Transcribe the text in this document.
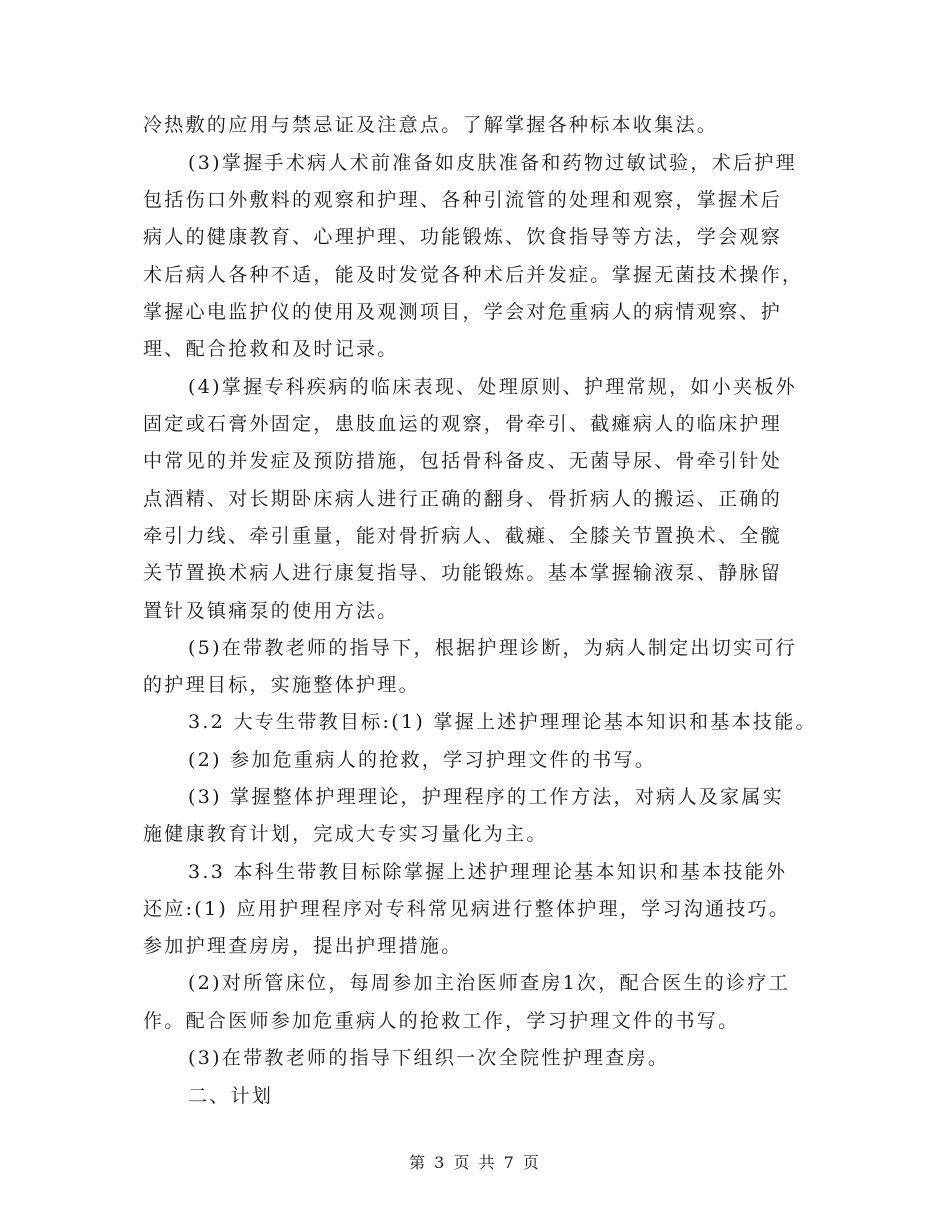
冷热敷的应用与禁忌证及注意点。了解掌握各种标本收集法。
(3)掌握手术病人术前准备如皮肤准备和药物过敏试验，术后护理
包括伤口外敷料的观察和护理、各种引流管的处理和观察，掌握术后
病人的健康教育、心理护理、功能锻炼、饮食指导等方法，学会观察
术后病人各种不适，能及时发觉各种术后并发症。掌握无菌技术操作，
掌握心电监护仪的使用及观测项目，学会对危重病人的病情观察、护
理、配合抢救和及时记录。
(4)掌握专科疾病的临床表现、处理原则、护理常规，如小夹板外
固定或石膏外固定，患肢血运的观察，骨牵引、截瘫病人的临床护理
中常见的并发症及预防措施，包括骨科备皮、无菌导尿、骨牵引针处
点酒精、对长期卧床病人进行正确的翻身、骨折病人的搬运、正确的
牵引力线、牵引重量，能对骨折病人、截瘫、全膝关节置换术、全髋
关节置换术病人进行康复指导、功能锻炼。基本掌握输液泵、静脉留
置针及镇痛泵的使用方法。
(5)在带教老师的指导下，根据护理诊断，为病人制定出切实可行
的护理目标，实施整体护理。
3.2 大专生带教目标:(1) 掌握上述护理理论基本知识和基本技能。
(2) 参加危重病人的抢救，学习护理文件的书写。
(3) 掌握整体护理理论，护理程序的工作方法，对病人及家属实
施健康教育计划，完成大专实习量化为主。
3.3 本科生带教目标除掌握上述护理理论基本知识和基本技能外
还应:(1) 应用护理程序对专科常见病进行整体护理，学习沟通技巧。
参加护理查房房，提出护理措施。
(2)对所管床位，每周参加主治医师查房1次，配合医生的诊疗工
作。配合医师参加危重病人的抢救工作，学习护理文件的书写。
(3)在带教老师的指导下组织一次全院性护理查房。
二、计划
第 3 页 共 7 页
